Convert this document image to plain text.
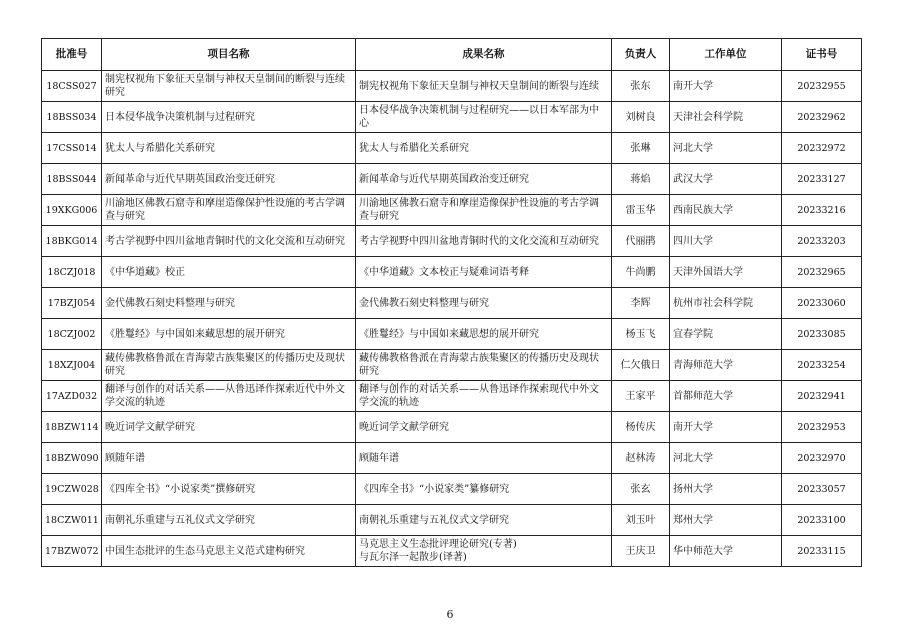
批准号	项目名称	成果名称	负责人	工作单位	证书号
18CSS027	制宪权视角下象征天皇制与神权天皇制间的断裂与连续研究	制宪权视角下象征天皇制与神权天皇制间的断裂与连续	张东	南开大学	20232955
18BSS034	日本侵华战争决策机制与过程研究	日本侵华战争决策机制与过程研究——以日本军部为中心	刘树良	天津社会科学院	20232962
17CSS014	犹太人与希腊化关系研究	犹太人与希腊化关系研究	张琳	河北大学	20232972
18BSS044	新闻革命与近代早期英国政治变迁研究	新闻革命与近代早期英国政治变迁研究	蒋焰	武汉大学	20233127
19XKG006	川渝地区佛教石窟寺和摩崖造像保护性设施的考古学调查与研究	川渝地区佛教石窟寺和摩崖造像保护性设施的考古学调查与研究	雷玉华	西南民族大学	20233216
18BKG014	考古学视野中四川盆地青铜时代的文化交流和互动研究	考古学视野中四川盆地青铜时代的文化交流和互动研究	代丽鹃	四川大学	20233203
18CZJ018	《中华道藏》校正	《中华道藏》文本校正与疑难词语考释	牛尚鹏	天津外国语大学	20232965
17BZJ054	金代佛教石刻史料整理与研究	金代佛教石刻史料整理与研究	李辉	杭州市社会科学院	20233060
18CZJ002	《胜鬘经》与中国如来藏思想的展开研究	《胜鬘经》与中国如来藏思想的展开研究	杨玉飞	宜春学院	20233085
18XZJ004	藏传佛教格鲁派在青海蒙古族集聚区的传播历史及现状研究	藏传佛教格鲁派在青海蒙古族集聚区的传播历史及现状研究	仁欠俄日	青海师范大学	20233254
17AZD032	翻译与创作的对话关系——从鲁迅译作探索近代中外文学交流的轨迹	翻译与创作的对话关系——从鲁迅译作探索现代中外文学交流的轨迹	王家平	首都师范大学	20232941
18BZW114	晚近词学文献学研究	晚近词学文献学研究	杨传庆	南开大学	20232953
18BZW090	顾随年谱	顾随年谱	赵林涛	河北大学	20232970
19CZW028	《四库全书》“小说家类”撰修研究	《四库全书》“小说家类”纂修研究	张玄	扬州大学	20233057
18CZW011	南朝礼乐重建与五礼仪式文学研究	南朝礼乐重建与五礼仪式文学研究	刘玉叶	郑州大学	20233100
17BZW072	中国生态批评的生态马克思主义范式建构研究	马克思主义生态批评理论研究(专著)
与瓦尔泽一起散步(译著)	王庆卫	华中师范大学	20233115
6
